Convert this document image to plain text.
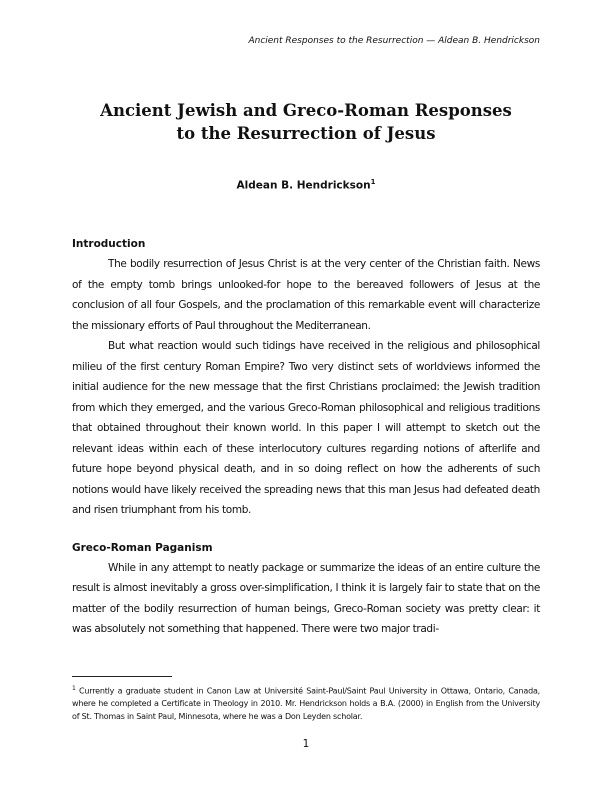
Ancient Responses to the Resurrection — Aldean B. Hendrickson
Ancient Jewish and Greco-Roman Responses
to the Resurrection of Jesus
Aldean B. Hendrickson$^1$
Introduction

The bodily resurrection of Jesus Christ is at the very center of the Christian faith. News of the empty tomb brings unlooked-for hope to the bereaved followers of Jesus at the conclusion of all four Gospels, and the proclamation of this remarkable event will characterize the missionary efforts of Paul throughout the Mediterranean.

But what reaction would such tidings have received in the religious and philosophical milieu of the first century Roman Empire? Two very distinct sets of worldviews informed the initial audience for the new message that the first Christians proclaimed: the Jewish tradition from which they emerged, and the various Greco-Roman philosophical and religious traditions that obtained throughout their known world. In this paper I will attempt to sketch out the relevant ideas within each of these interlocutory cultures regarding notions of afterlife and future hope beyond physical death, and in so doing reflect on how the adherents of such notions would have likely received the spreading news that this man Jesus had defeated death and risen triumphant from his tomb.

Greco-Roman Paganism

While in any attempt to neatly package or summarize the ideas of an entire culture the result is almost inevitably a gross over-simplification, I think it is largely fair to state that on the matter of the bodily resurrection of human beings, Greco-Roman society was pretty clear: it was absolutely not something that happened. There were two major tradi-

$^1$ Currently a graduate student in Canon Law at Université Saint-Paul/Saint Paul University in Ottawa, Ontario, Canada, where he completed a Certificate in Theology in 2010. Mr. Hendrickson holds a B.A. (2000) in English from the University of St. Thomas in Saint Paul, Minnesota, where he was a Don Leyden scholar.

1
